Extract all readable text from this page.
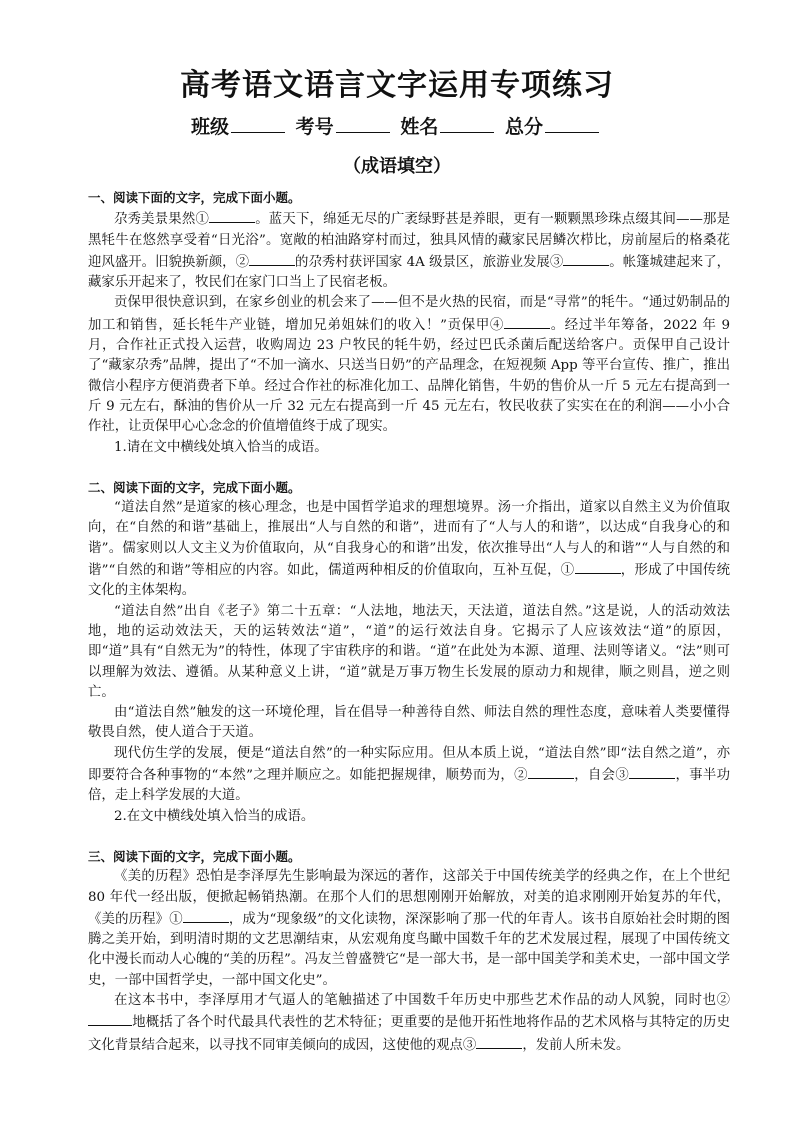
高考语文语言文字运用专项练习
班级	考号	姓名	总分
（成语填空）

一、阅读下面的文字，完成下面小题。

尕秀美景果然①	。蓝天下，绵延无尽的广袤绿野甚是养眼，更有一颗颗黑珍珠点缀其间——那是黑牦牛在悠然享受着“日光浴”。宽敞的柏油路穿村而过，独具风情的藏家民居鳞次栉比，房前屋后的格桑花迎风盛开。旧貌换新颜，②	的尕秀村获评国家 4A 级景区，旅游业发展③	。帐篷城建起来了，藏家乐开起来了，牧民们在家门口当上了民宿老板。

贡保甲很快意识到，在家乡创业的机会来了——但不是火热的民宿，而是“寻常”的牦牛。“通过奶制品的加工和销售，延长牦牛产业链，增加兄弟姐妹们的收入！”贡保甲④	。经过半年筹备，2022 年 9 月，合作社正式投入运营，收购周边 23 户牧民的牦牛奶，经过巴氏杀菌后配送给客户。贡保甲自己设计了“藏家尕秀”品牌，提出了“不加一滴水、只送当日奶”的产品理念，在短视频 App 等平台宣传、推广，推出微信小程序方便消费者下单。经过合作社的标准化加工、品牌化销售，牛奶的售价从一斤 5 元左右提高到一斤 9 元左右，酥油的售价从一斤 32 元左右提高到一斤 45 元左右，牧民收获了实实在在的利润——小小合作社，让贡保甲心心念念的价值增值终于成了现实。

1.请在文中横线处填入恰当的成语。

二、阅读下面的文字，完成下面小题。

“道法自然”是道家的核心理念，也是中国哲学追求的理想境界。汤一介指出，道家以自然主义为价值取向，在“自然的和谐”基础上，推展出“人与自然的和谐”，进而有了“人与人的和谐”，以达成“自我身心的和谐”。儒家则以人文主义为价值取向，从“自我身心的和谐”出发，依次推导出“人与人的和谐”“人与自然的和谐”“自然的和谐”等相应的内容。如此，儒道两种相反的价值取向，互补互促，①	，形成了中国传统文化的主体架构。

“道法自然”出自《老子》第二十五章：“人法地，地法天，天法道，道法自然。”这是说，人的活动效法地，地的运动效法天，天的运转效法“道”，“道”的运行效法自身。它揭示了人应该效法“道”的原因，即“道”具有“自然无为”的特性，体现了宇宙秩序的和谐。“道”在此处为本源、道理、法则等诸义。“法”则可以理解为效法、遵循。从某种意义上讲，“道”就是万事万物生长发展的原动力和规律，顺之则昌，逆之则亡。

由“道法自然”触发的这一环境伦理，旨在倡导一种善待自然、师法自然的理性态度，意味着人类要懂得敬畏自然，使人道合于天道。

现代仿生学的发展，便是“道法自然”的一种实际应用。但从本质上说，“道法自然”即“法自然之道”，亦即要符合各种事物的“本然”之理并顺应之。如能把握规律，顺势而为，②	，自会③	，事半功倍，走上科学发展的大道。

2.在文中横线处填入恰当的成语。

三、阅读下面的文字，完成下面小题。

《美的历程》恐怕是李泽厚先生影响最为深远的著作，这部关于中国传统美学的经典之作，在上个世纪 80 年代一经出版，便掀起畅销热潮。在那个人们的思想刚刚开始解放，对美的追求刚刚开始复苏的年代，《美的历程》①	，成为“现象级”的文化读物，深深影响了那一代的年青人。该书自原始社会时期的图腾之美开始，到明清时期的文艺思潮结束，从宏观角度鸟瞰中国数千年的艺术发展过程，展现了中国传统文化中漫长而动人心魄的“美的历程”。冯友兰曾盛赞它“是一部大书，是一部中国美学和美术史，一部中国文学史，一部中国哲学史，一部中国文化史”。

在这本书中，李泽厚用才气逼人的笔触描述了中国数千年历史中那些艺术作品的动人风貌，同时也②地概括了各个时代最具代表性的艺术特征；更重要的是他开拓性地将作品的艺术风格与其特定的历史文化背景结合起来，以寻找不同审美倾向的成因，这使他的观点③	，发前人所未发。
